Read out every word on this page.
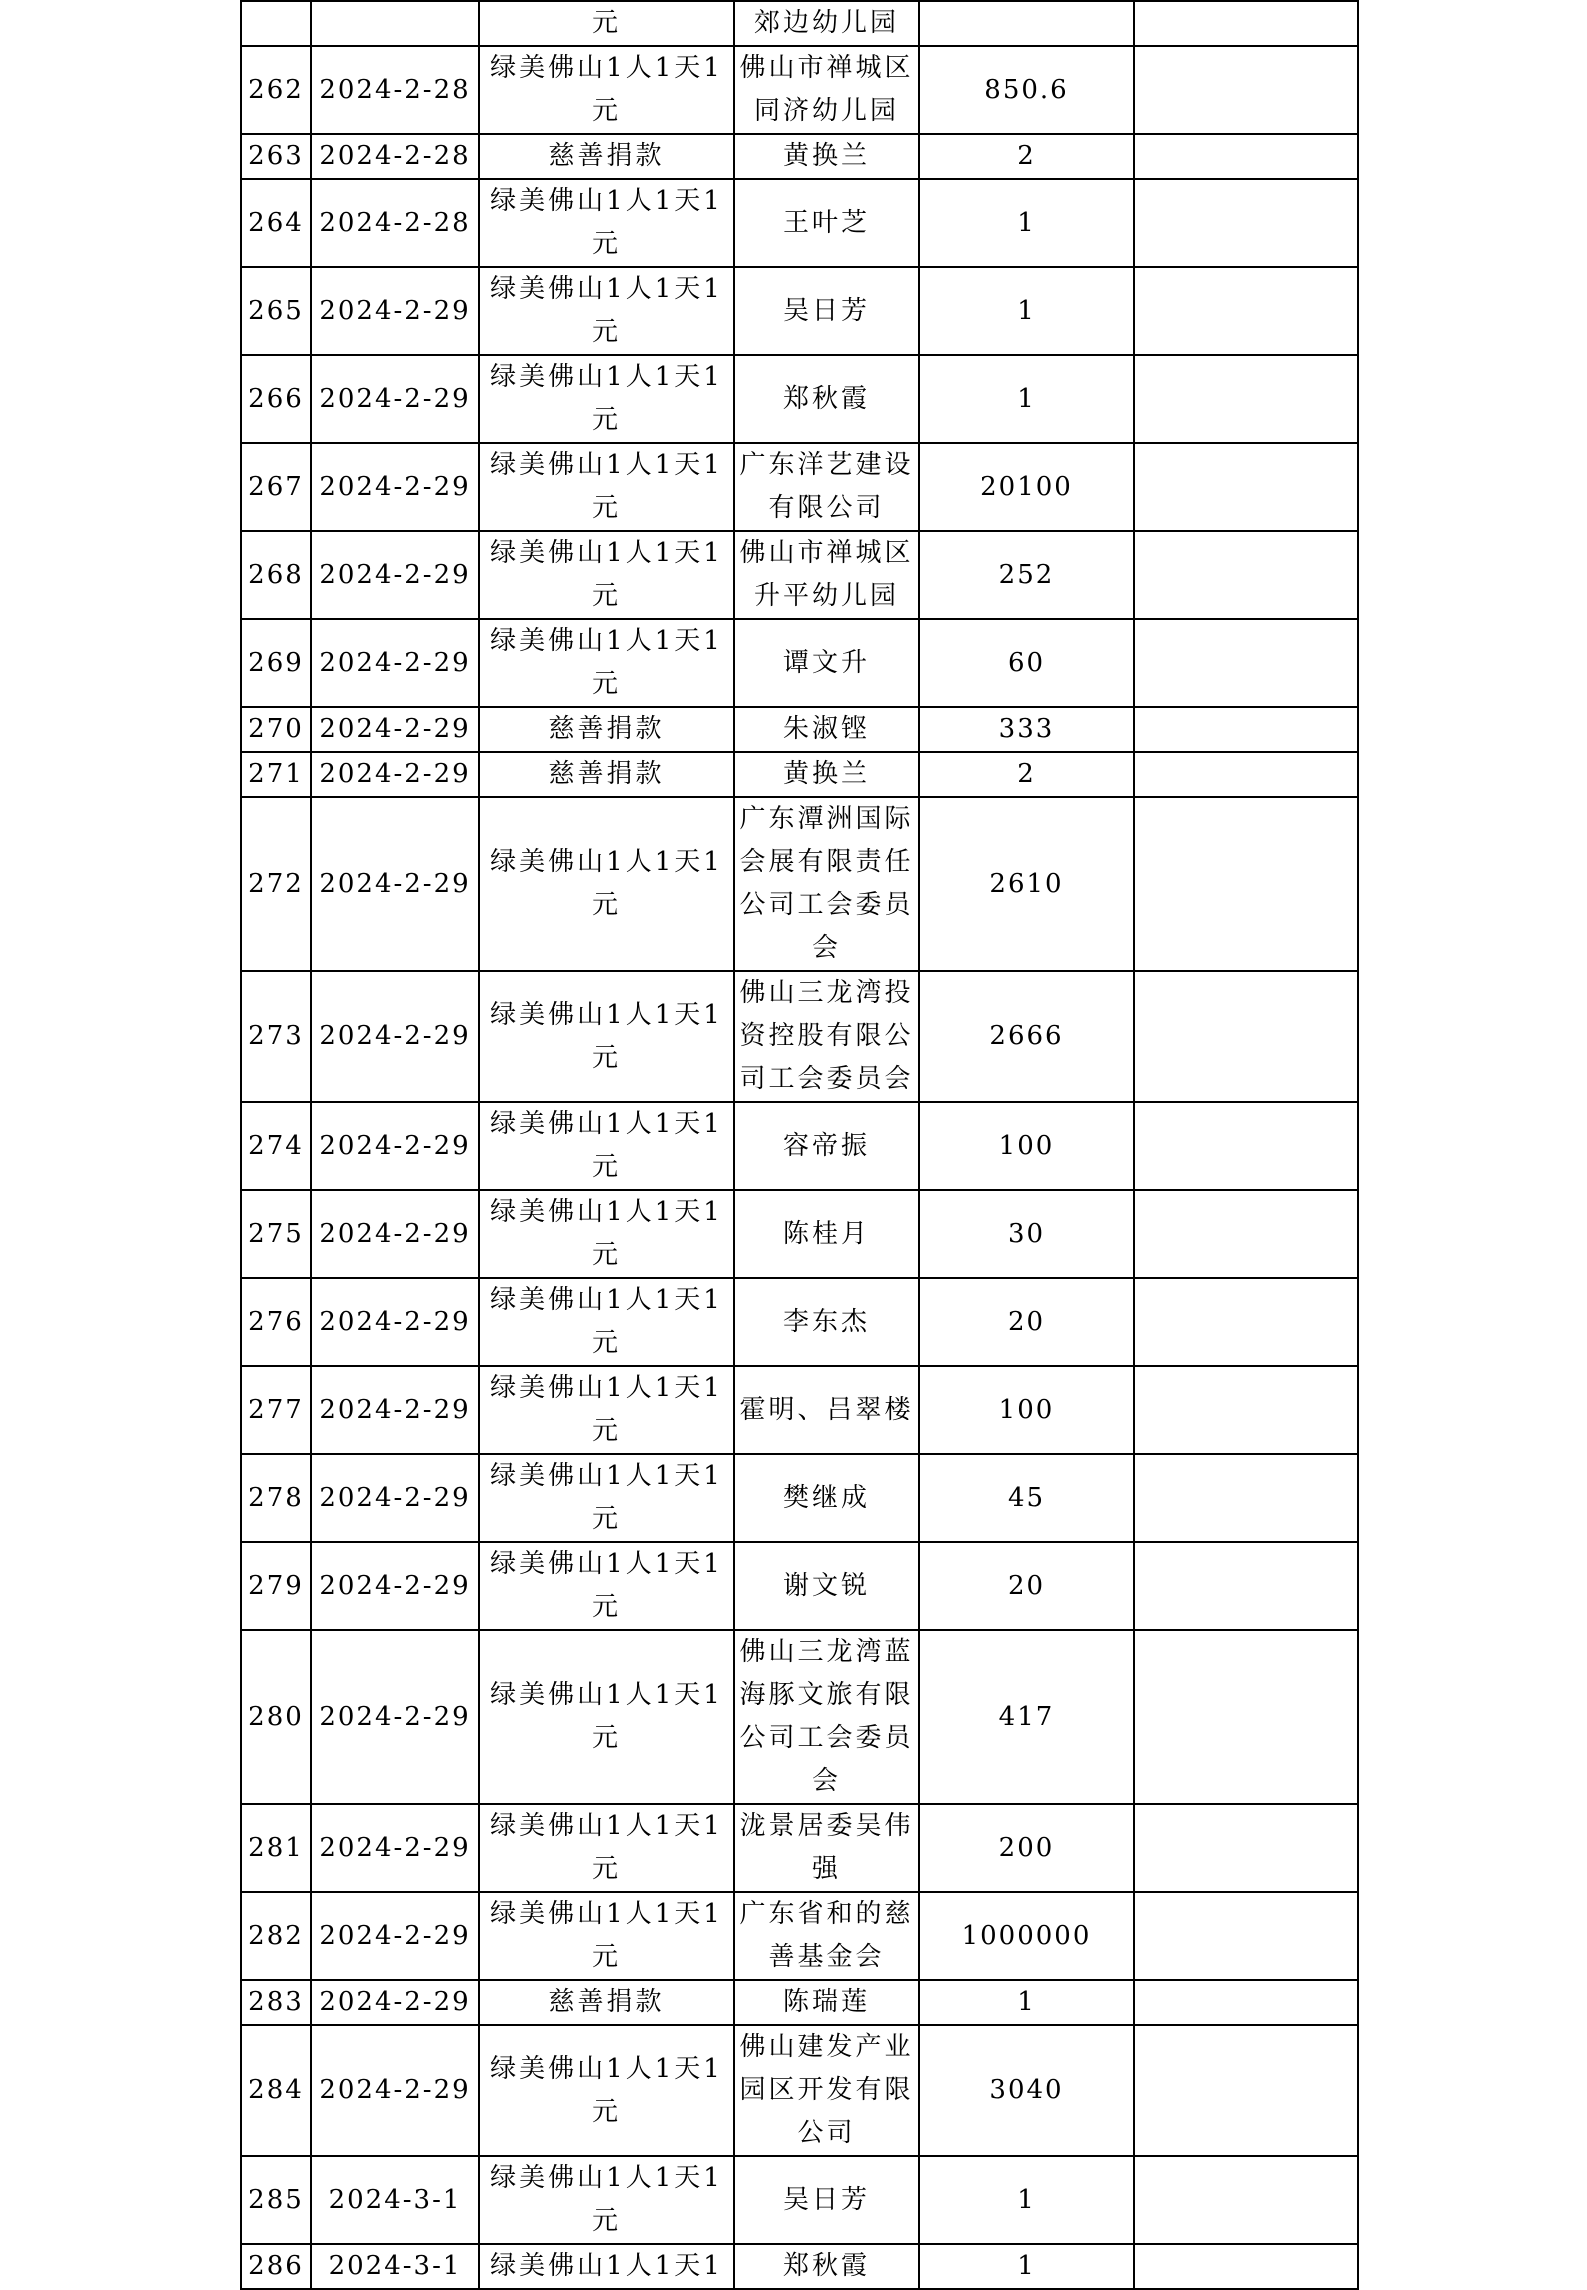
		元	郊边幼儿园		
262	2024-2-28	绿美佛山1人1天1元	佛山市禅城区同济幼儿园	850.6	
263	2024-2-28	慈善捐款	黄换兰	2	
264	2024-2-28	绿美佛山1人1天1元	王叶芝	1	
265	2024-2-29	绿美佛山1人1天1元	吴日芳	1	
266	2024-2-29	绿美佛山1人1天1元	郑秋霞	1	
267	2024-2-29	绿美佛山1人1天1元	广东洋艺建设有限公司	20100	
268	2024-2-29	绿美佛山1人1天1元	佛山市禅城区升平幼儿园	252	
269	2024-2-29	绿美佛山1人1天1元	谭文升	60	
270	2024-2-29	慈善捐款	朱淑铿	333	
271	2024-2-29	慈善捐款	黄换兰	2	
272	2024-2-29	绿美佛山1人1天1元	广东潭洲国际会展有限责任公司工会委员会	2610	
273	2024-2-29	绿美佛山1人1天1元	佛山三龙湾投资控股有限公司工会委员会	2666	
274	2024-2-29	绿美佛山1人1天1元	容帝振	100	
275	2024-2-29	绿美佛山1人1天1元	陈桂月	30	
276	2024-2-29	绿美佛山1人1天1元	李东杰	20	
277	2024-2-29	绿美佛山1人1天1元	霍明、吕翠楼	100	
278	2024-2-29	绿美佛山1人1天1元	樊继成	45	
279	2024-2-29	绿美佛山1人1天1元	谢文锐	20	
280	2024-2-29	绿美佛山1人1天1元	佛山三龙湾蓝海豚文旅有限公司工会委员会	417	
281	2024-2-29	绿美佛山1人1天1元	泷景居委吴伟强	200	
282	2024-2-29	绿美佛山1人1天1元	广东省和的慈善基金会	1000000	
283	2024-2-29	慈善捐款	陈瑞莲	1	
284	2024-2-29	绿美佛山1人1天1元	佛山建发产业园区开发有限公司	3040	
285	2024-3-1	绿美佛山1人1天1元	吴日芳	1	
286	2024-3-1	绿美佛山1人1天1	郑秋霞	1	
